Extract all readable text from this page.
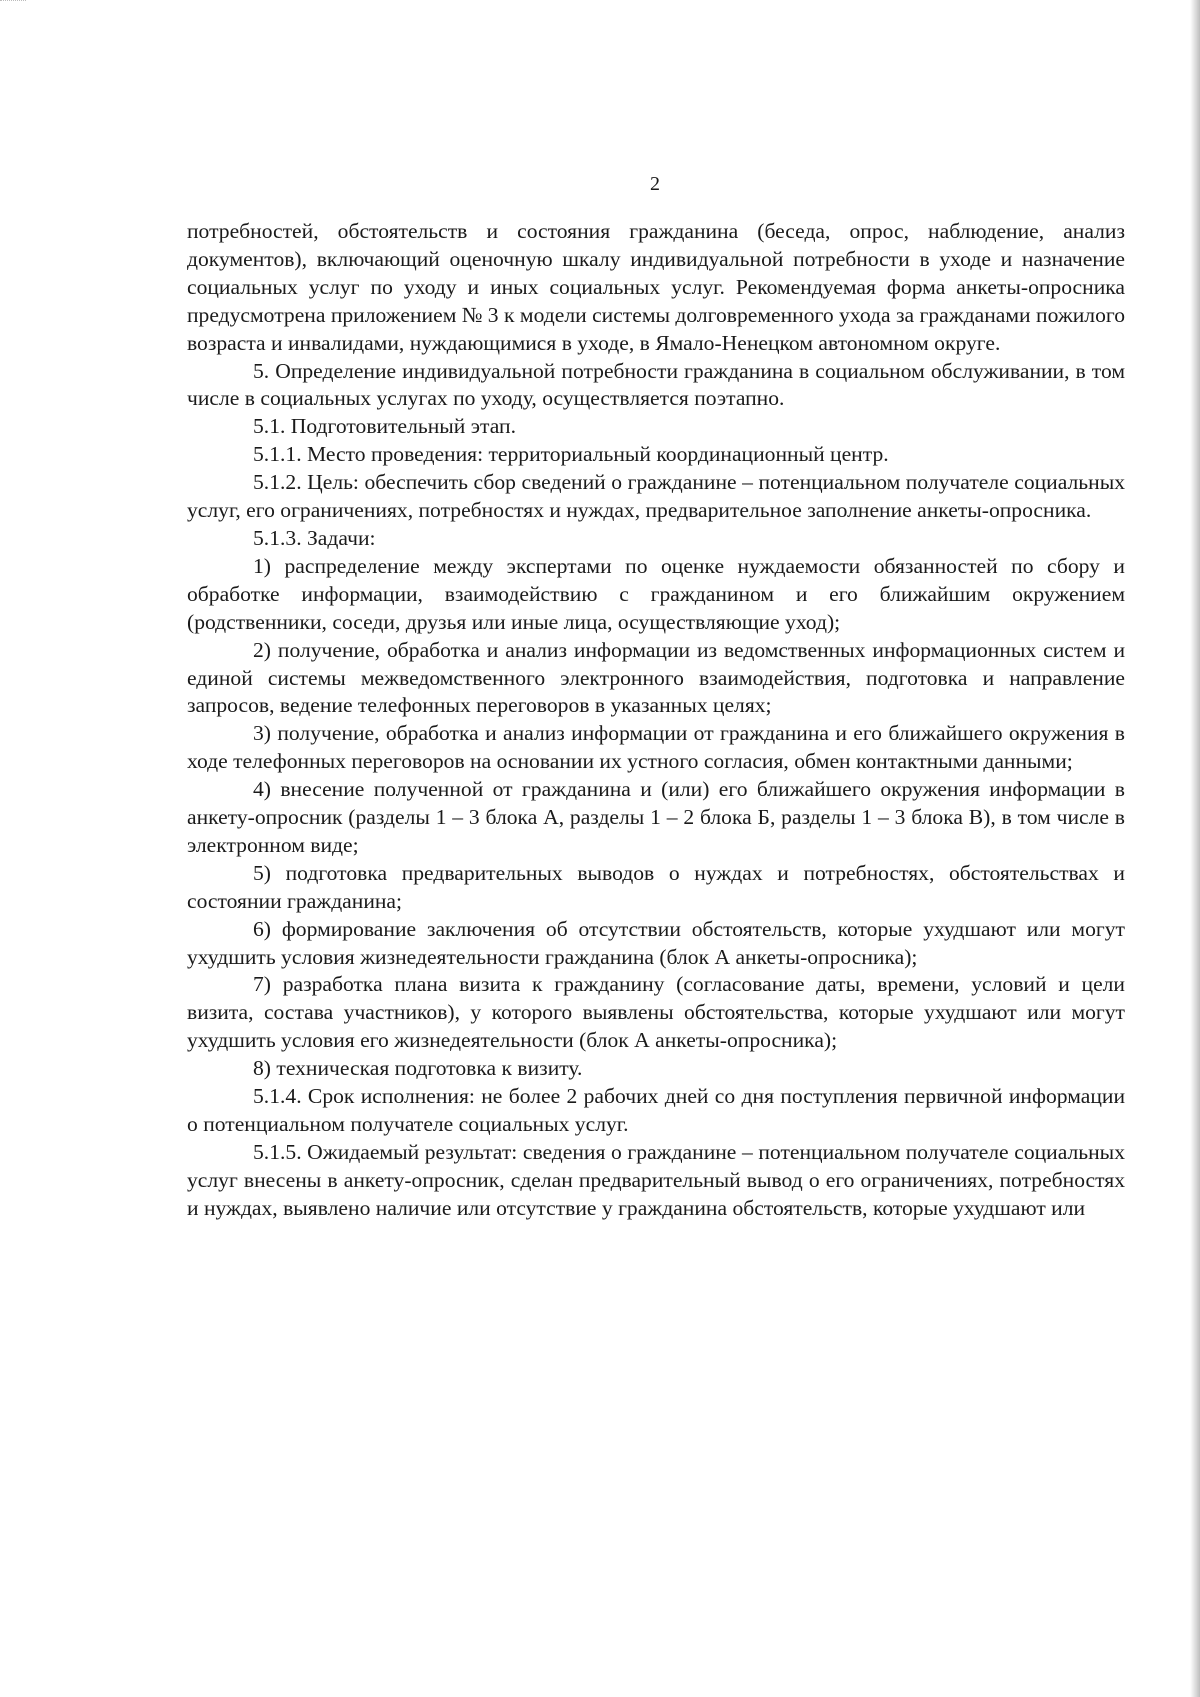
2

потребностей, обстоятельств и состояния гражданина (беседа, опрос, наблюдение, анализ документов), включающий оценочную шкалу индивидуальной потребности в уходе и назначение социальных услуг по уходу и иных социальных услуг. Рекомендуемая форма анкеты-опросника предусмотрена приложением № 3 к модели системы долговременного ухода за гражданами пожилого возраста и инвалидами, нуждающимися в уходе, в Ямало-Ненецком автономном округе.

5. Определение индивидуальной потребности гражданина в социальном обслуживании, в том числе в социальных услугах по уходу, осуществляется поэтапно.

5.1. Подготовительный этап.

5.1.1. Место проведения: территориальный координационный центр.

5.1.2. Цель: обеспечить сбор сведений о гражданине – потенциальном получателе социальных услуг, его ограничениях, потребностях и нуждах, предварительное заполнение анкеты-опросника.

5.1.3. Задачи:

1) распределение между экспертами по оценке нуждаемости обязанностей по сбору и обработке информации, взаимодействию с гражданином и его ближайшим окружением (родственники, соседи, друзья или иные лица, осуществляющие уход);

2) получение, обработка и анализ информации из ведомственных информационных систем и единой системы межведомственного электронного взаимодействия, подготовка и направление запросов, ведение телефонных переговоров в указанных целях;

3) получение, обработка и анализ информации от гражданина и его ближайшего окружения в ходе телефонных переговоров на основании их устного согласия, обмен контактными данными;

4) внесение полученной от гражданина и (или) его ближайшего окружения информации в анкету-опросник (разделы 1 – 3 блока А, разделы 1 – 2 блока Б, разделы 1 – 3 блока В), в том числе в электронном виде;

5) подготовка предварительных выводов о нуждах и потребностях, обстоятельствах и состоянии гражданина;

6) формирование заключения об отсутствии обстоятельств, которые ухудшают или могут ухудшить условия жизнедеятельности гражданина (блок А анкеты-опросника);

7) разработка плана визита к гражданину (согласование даты, времени, условий и цели визита, состава участников), у которого выявлены обстоятельства, которые ухудшают или могут ухудшить условия его жизнедеятельности (блок А анкеты-опросника);

8) техническая подготовка к визиту.

5.1.4. Срок исполнения: не более 2 рабочих дней со дня поступления первичной информации о потенциальном получателе социальных услуг.

5.1.5. Ожидаемый результат: сведения о гражданине – потенциальном получателе социальных услуг внесены в анкету-опросник, сделан предварительный вывод о его ограничениях, потребностях и нуждах, выявлено наличие или отсутствие у гражданина обстоятельств, которые ухудшают или
